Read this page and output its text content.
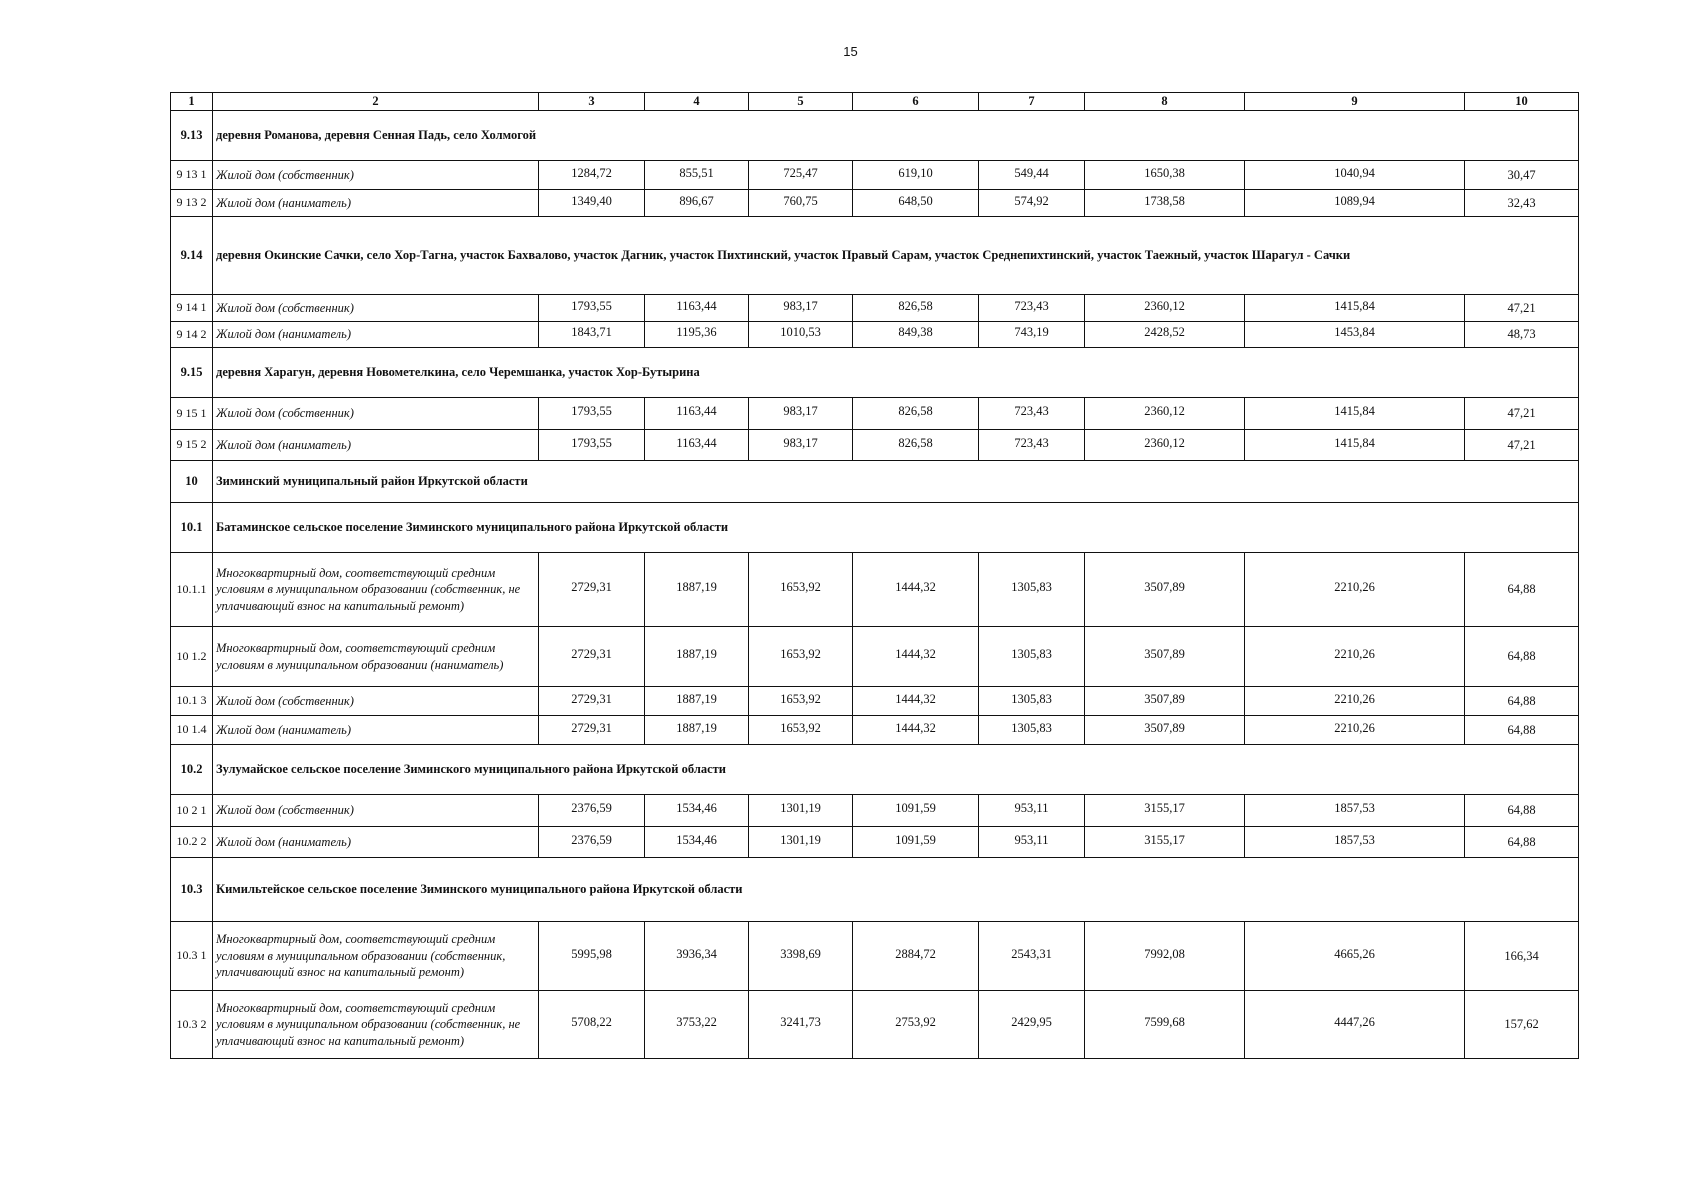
15
1	2	3	4	5	6	7	8	9	10
9.13	деревня Романова, деревня Сенная Падь, село Холмогой								
9 13 1	Жилой дом (собственник)	1284,72	855,51	725,47	619,10	549,44	1650,38	1040,94	30,47
9 13 2	Жилой дом (наниматель)	1349,40	896,67	760,75	648,50	574,92	1738,58	1089,94	32,43
9.14	деревня Окинские Сачки, село Хор-Тагна, участок Бахвалово, участок Дагник, участок Пихтинский, участок Правый Сарам, участок Среднепихтинский, участок Таежный, участок Шарагул - Сачки								
9 14 1	Жилой дом (собственник)	1793,55	1163,44	983,17	826,58	723,43	2360,12	1415,84	47,21
9 14 2	Жилой дом (наниматель)	1843,71	1195,36	1010,53	849,38	743,19	2428,52	1453,84	48,73
9.15	деревня Харагун, деревня Новометелкина, село Черемшанка, участок Хор-Бутырина								
9 15 1	Жилой дом (собственник)	1793,55	1163,44	983,17	826,58	723,43	2360,12	1415,84	47,21
9 15 2	Жилой дом (наниматель)	1793,55	1163,44	983,17	826,58	723,43	2360,12	1415,84	47,21
10	Зиминский муниципальный район Иркутской области								
10.1	Батаминское сельское поселение Зиминского муниципального района Иркутской области								
10.1.1	Многоквартирный дом, соответствующий средним условиям в муниципальном образовании (собственник, не уплачивающий взнос на капитальный ремонт)	2729,31	1887,19	1653,92	1444,32	1305,83	3507,89	2210,26	64,88
10 1.2	Многоквартирный дом, соответствующий средним условиям в муниципальном образовании (наниматель)	2729,31	1887,19	1653,92	1444,32	1305,83	3507,89	2210,26	64,88
10.1 3	Жилой дом (собственник)	2729,31	1887,19	1653,92	1444,32	1305,83	3507,89	2210,26	64,88
10 1.4	Жилой дом (наниматель)	2729,31	1887,19	1653,92	1444,32	1305,83	3507,89	2210,26	64,88
10.2	Зулумайское сельское поселение Зиминского муниципального района Иркутской области								
10 2 1	Жилой дом (собственник)	2376,59	1534,46	1301,19	1091,59	953,11	3155,17	1857,53	64,88
10.2 2	Жилой дом (наниматель)	2376,59	1534,46	1301,19	1091,59	953,11	3155,17	1857,53	64,88
10.3	Кимильтейское сельское поселение Зиминского муниципального района Иркутской области								
10.3 1	Многоквартирный дом, соответствующий средним условиям в муниципальном образовании (собственник, уплачивающий взнос на капитальный ремонт)	5995,98	3936,34	3398,69	2884,72	2543,31	7992,08	4665,26	166,34
10.3 2	Многоквартирный дом, соответствующий средним условиям в муниципальном образовании (собственник, не уплачивающий взнос на капитальный ремонт)	5708,22	3753,22	3241,73	2753,92	2429,95	7599,68	4447,26	157,62
